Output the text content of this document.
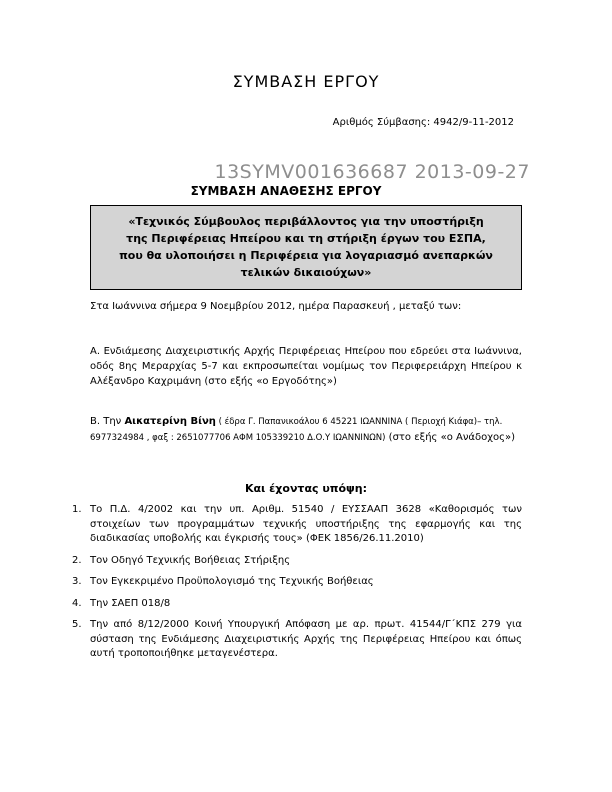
ΣΥΜΒΑΣΗ ΕΡΓΟΥ
Αριθμός Σύμβασης: 4942/9-11-2012
13SYMV001636687 2013-09-27
ΣΥΜΒΑΣΗ ΑΝΑΘΕΣΗΣ ΕΡΓΟΥ
«Τεχνικός Σύμβουλος περιβάλλοντος για την υποστήριξη της Περιφέρειας Ηπείρου και τη στήριξη έργων του ΕΣΠΑ, που θα υλοποιήσει η Περιφέρεια για λογαριασμό ανεπαρκών τελικών δικαιούχων»
Στα Ιωάννινα σήμερα 9 Νοεμβρίου 2012, ημέρα Παρασκευή , μεταξύ των:
Α. Ενδιάμεσης Διαχειριστικής Αρχής Περιφέρειας Ηπείρου που εδρεύει στα Ιωάννινα, οδός 8ης Μεραρχίας 5-7 και εκπροσωπείται νομίμως τον Περιφερειάρχη Ηπείρου κ Αλέξανδρο Καχριμάνη (στο εξής «ο Εργοδότης»)
Β. Την Αικατερίνη Βίνη ( έδρα Γ. Παπανικοάλου 6 45221 ΙΩΑΝΝΙΝΑ ( Περιοχή Κιάφα)– τηλ. 6977324984 , φαξ : 2651077706 ΑΦΜ 105339210 Δ.Ο.Υ ΙΩΑΝΝΙΝΩΝ) (στο εξής «ο Ανάδοχος»)
Και έχοντας υπόψη:
1. Το Π.Δ. 4/2002 και την υπ. Αριθμ. 51540 / ΕΥΣΣΑΑΠ 3628 «Καθορισμός των στοιχείων των προγραμμάτων τεχνικής υποστήριξης της εφαρμογής και της διαδικασίας υποβολής και έγκρισής τους» (ΦΕΚ 1856/26.11.2010)
2. Τον Οδηγό Τεχνικής Βοήθειας Στήριξης
3. Τον Εγκεκριμένο Προϋπολογισμό της Τεχνικής Βοήθειας
4. Την ΣΑΕΠ 018/8
5. Την από 8/12/2000 Κοινή Υπουργική Απόφαση με αρ. πρωτ. 41544/Γ΄ΚΠΣ 279 για σύσταση της Ενδιάμεσης Διαχειριστικής Αρχής της Περιφέρειας Ηπείρου και όπως αυτή τροποποιήθηκε μεταγενέστερα.
